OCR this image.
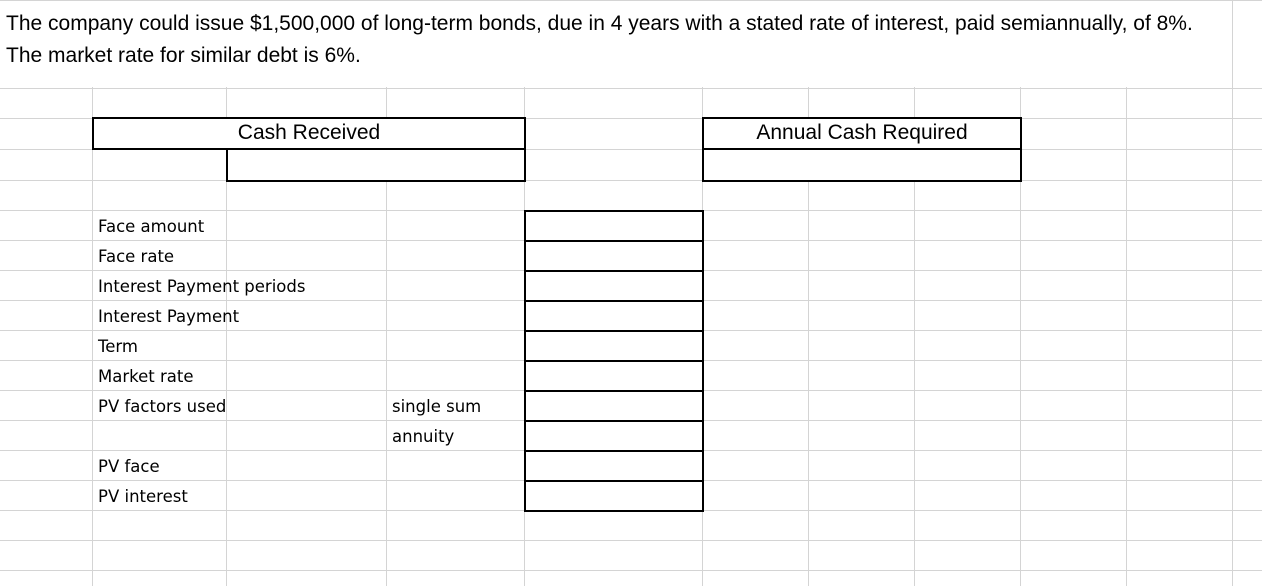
The company could issue $1,500,000 of long-term bonds, due in 4 years with a stated rate of interest, paid semiannually, of 8%. The market rate for similar debt is 6%.
Cash Received	Annual Cash Required
Face amount
Face rate
Interest Payment periods
Interest Payment
Term
Market rate
PV factors used	single sum
annuity
PV face
PV interest
